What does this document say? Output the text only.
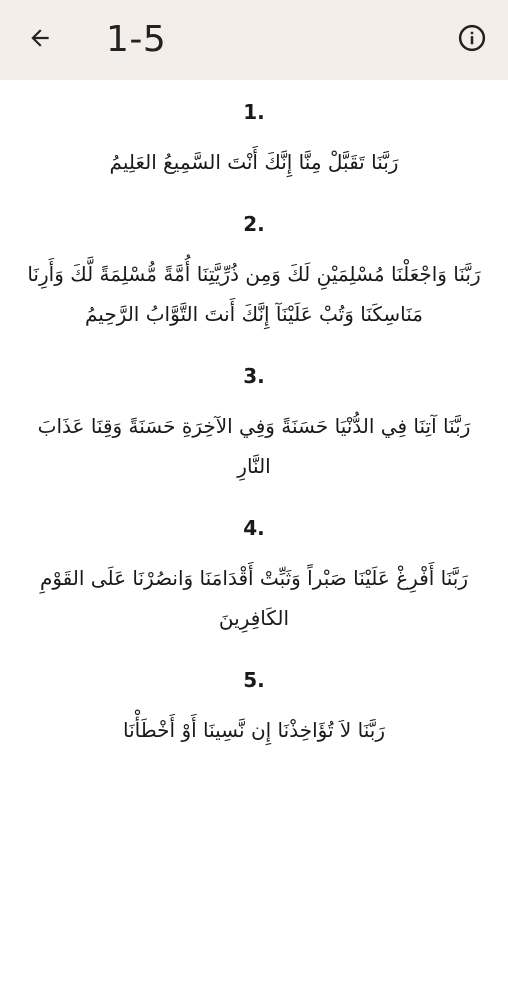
1-5
1.
رَبَّنَا تَقَبَّلْ مِنَّا إِنَّكَ أَنْتَ السَّمِيعُ العَلِيمُ
2.
رَبَّنَا وَاجْعَلْنَا مُسْلِمَيْنِ لَكَ وَمِن ذُرِّيَّتِنَا أُمَّةً مُّسْلِمَةً لَّكَ وَأَرِنَا مَنَاسِكَنَا وَتُبْ عَلَيْنَآ إِنَّكَ أَنتَ التَّوَّابُ الرَّحِيمُ
3.
رَبَّنَا آتِنَا فِي الدُّنْيَا حَسَنَةً وَفِي الآخِرَةِ حَسَنَةً وَقِنَا عَذَابَ النَّارِ
4.
رَبَّنَا أَفْرِغْ عَلَيْنَا صَبْراً وَثَبِّتْ أَقْدَامَنَا وَانصُرْنَا عَلَى القَوْمِ الكَافِرِينَ
5.
رَبَّنَا لاَ تُؤَاخِذْنَا إِن نَّسِينَا أَوْ أَخْطَأْنَا
